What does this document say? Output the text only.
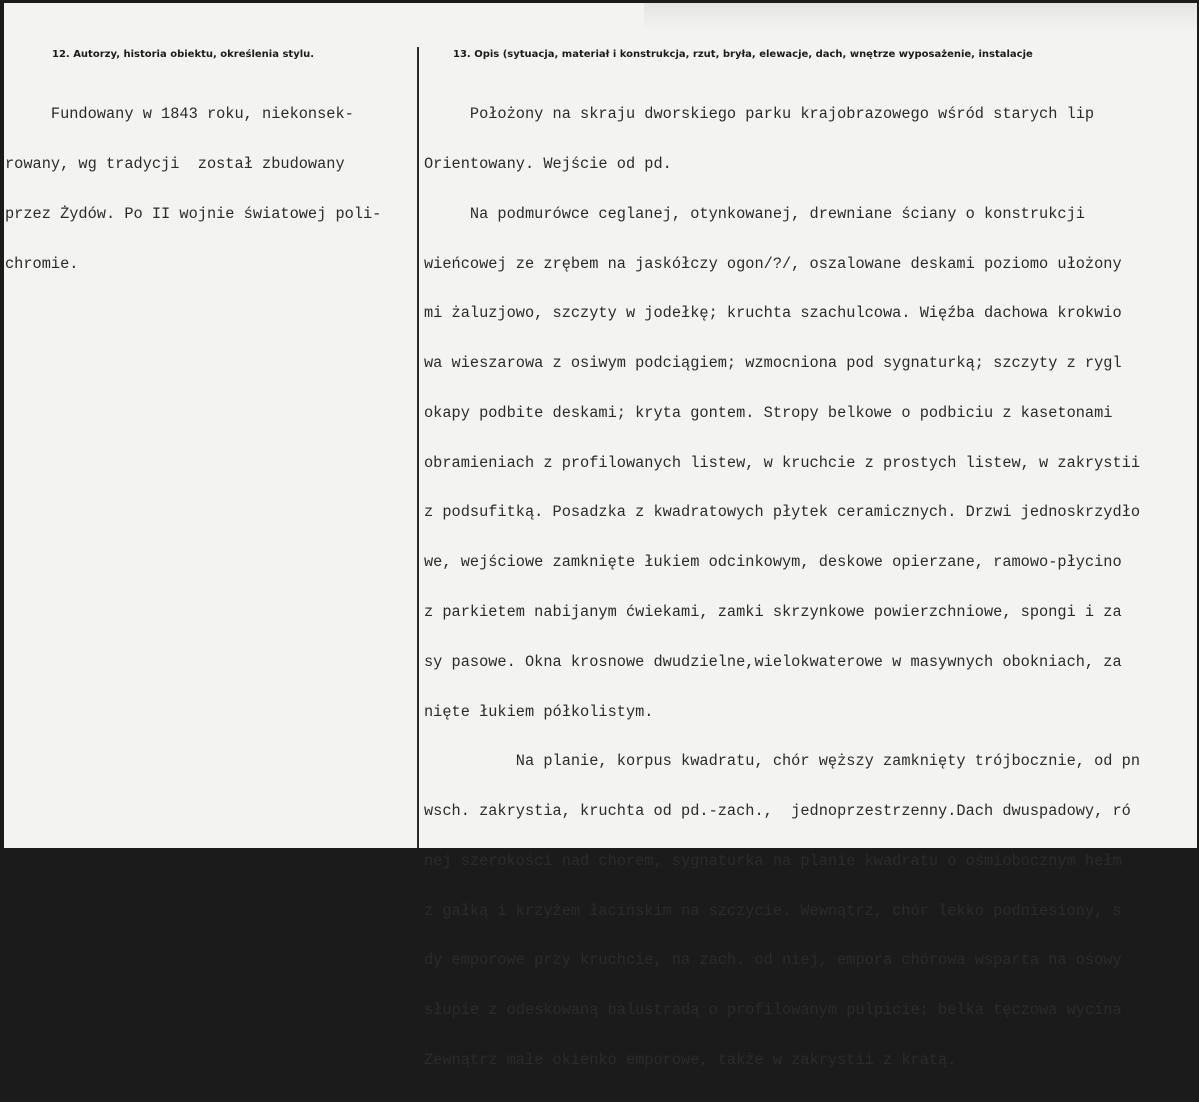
12. Autorzy, historia obiektu, określenia stylu.	13. Opis (sytuacja, materiał i konstrukcja, rzut, bryła, elewacje, dach, wnętrze wyposażenie, instalacje

Fundowany w 1843 roku, niekonsek-

rowany, wg tradycji  został zbudowany

przez Żydów. Po II wojnie światowej poli-

chromie.

Położony na skraju dworskiego parku krajobrazowego wśród starych lip

Orientowany. Wejście od pd.

Na podmurówce ceglanej, otynkowanej, drewniane ściany o konstrukcji

wieńcowej ze zrębem na jaskółczy ogon/?/, oszalowane deskami poziomo ułożony

mi żaluzjowo, szczyty w jodełkę; kruchta szachulcowa. Więźba dachowa krokwio

wa wieszarowa z osiwym podciągiem; wzmocniona pod sygnaturką; szczyty z rygl

okapy podbite deskami; kryta gontem. Stropy belkowe o podbiciu z kasetonami

obramieniach z profilowanych listew, w kruchcie z prostych listew, w zakrystii

z podsufitką. Posadzka z kwadratowych płytek ceramicznych. Drzwi jednoskrzydło

we, wejściowe zamknięte łukiem odcinkowym, deskowe opierzane, ramowo-płycino

z parkietem nabijanym ćwiekami, zamki skrzynkowe powierzchniowe, spongi i za

sy pasowe. Okna krosnowe dwudzielne,wielokwaterowe w masywnych obokniach, za

nięte łukiem półkolistym.

Na planie, korpus kwadratu, chór węższy zamknięty trójbocznie, od pn

wsch. zakrystia, kruchta od pd.-zach.,  jednoprzestrzenny.Dach dwuspadowy, ró

nej szerokości nad chorem, sygnaturka na planie kwadratu o ośmiobocznym hełm

z gałką i krzyżem łacińskim na szczycie. Wewnątrz, chór lekko podniesiony, s

dy emporowe przy kruchcie, na zach. od niej, empora chórowa wsparta na ośowy

słupie z odeskowaną balustradą o profilowanym pulpicie; belka tęczowa wycina

Zewnątrz małe okienko emporowe, także w zakrystii z kratą.
